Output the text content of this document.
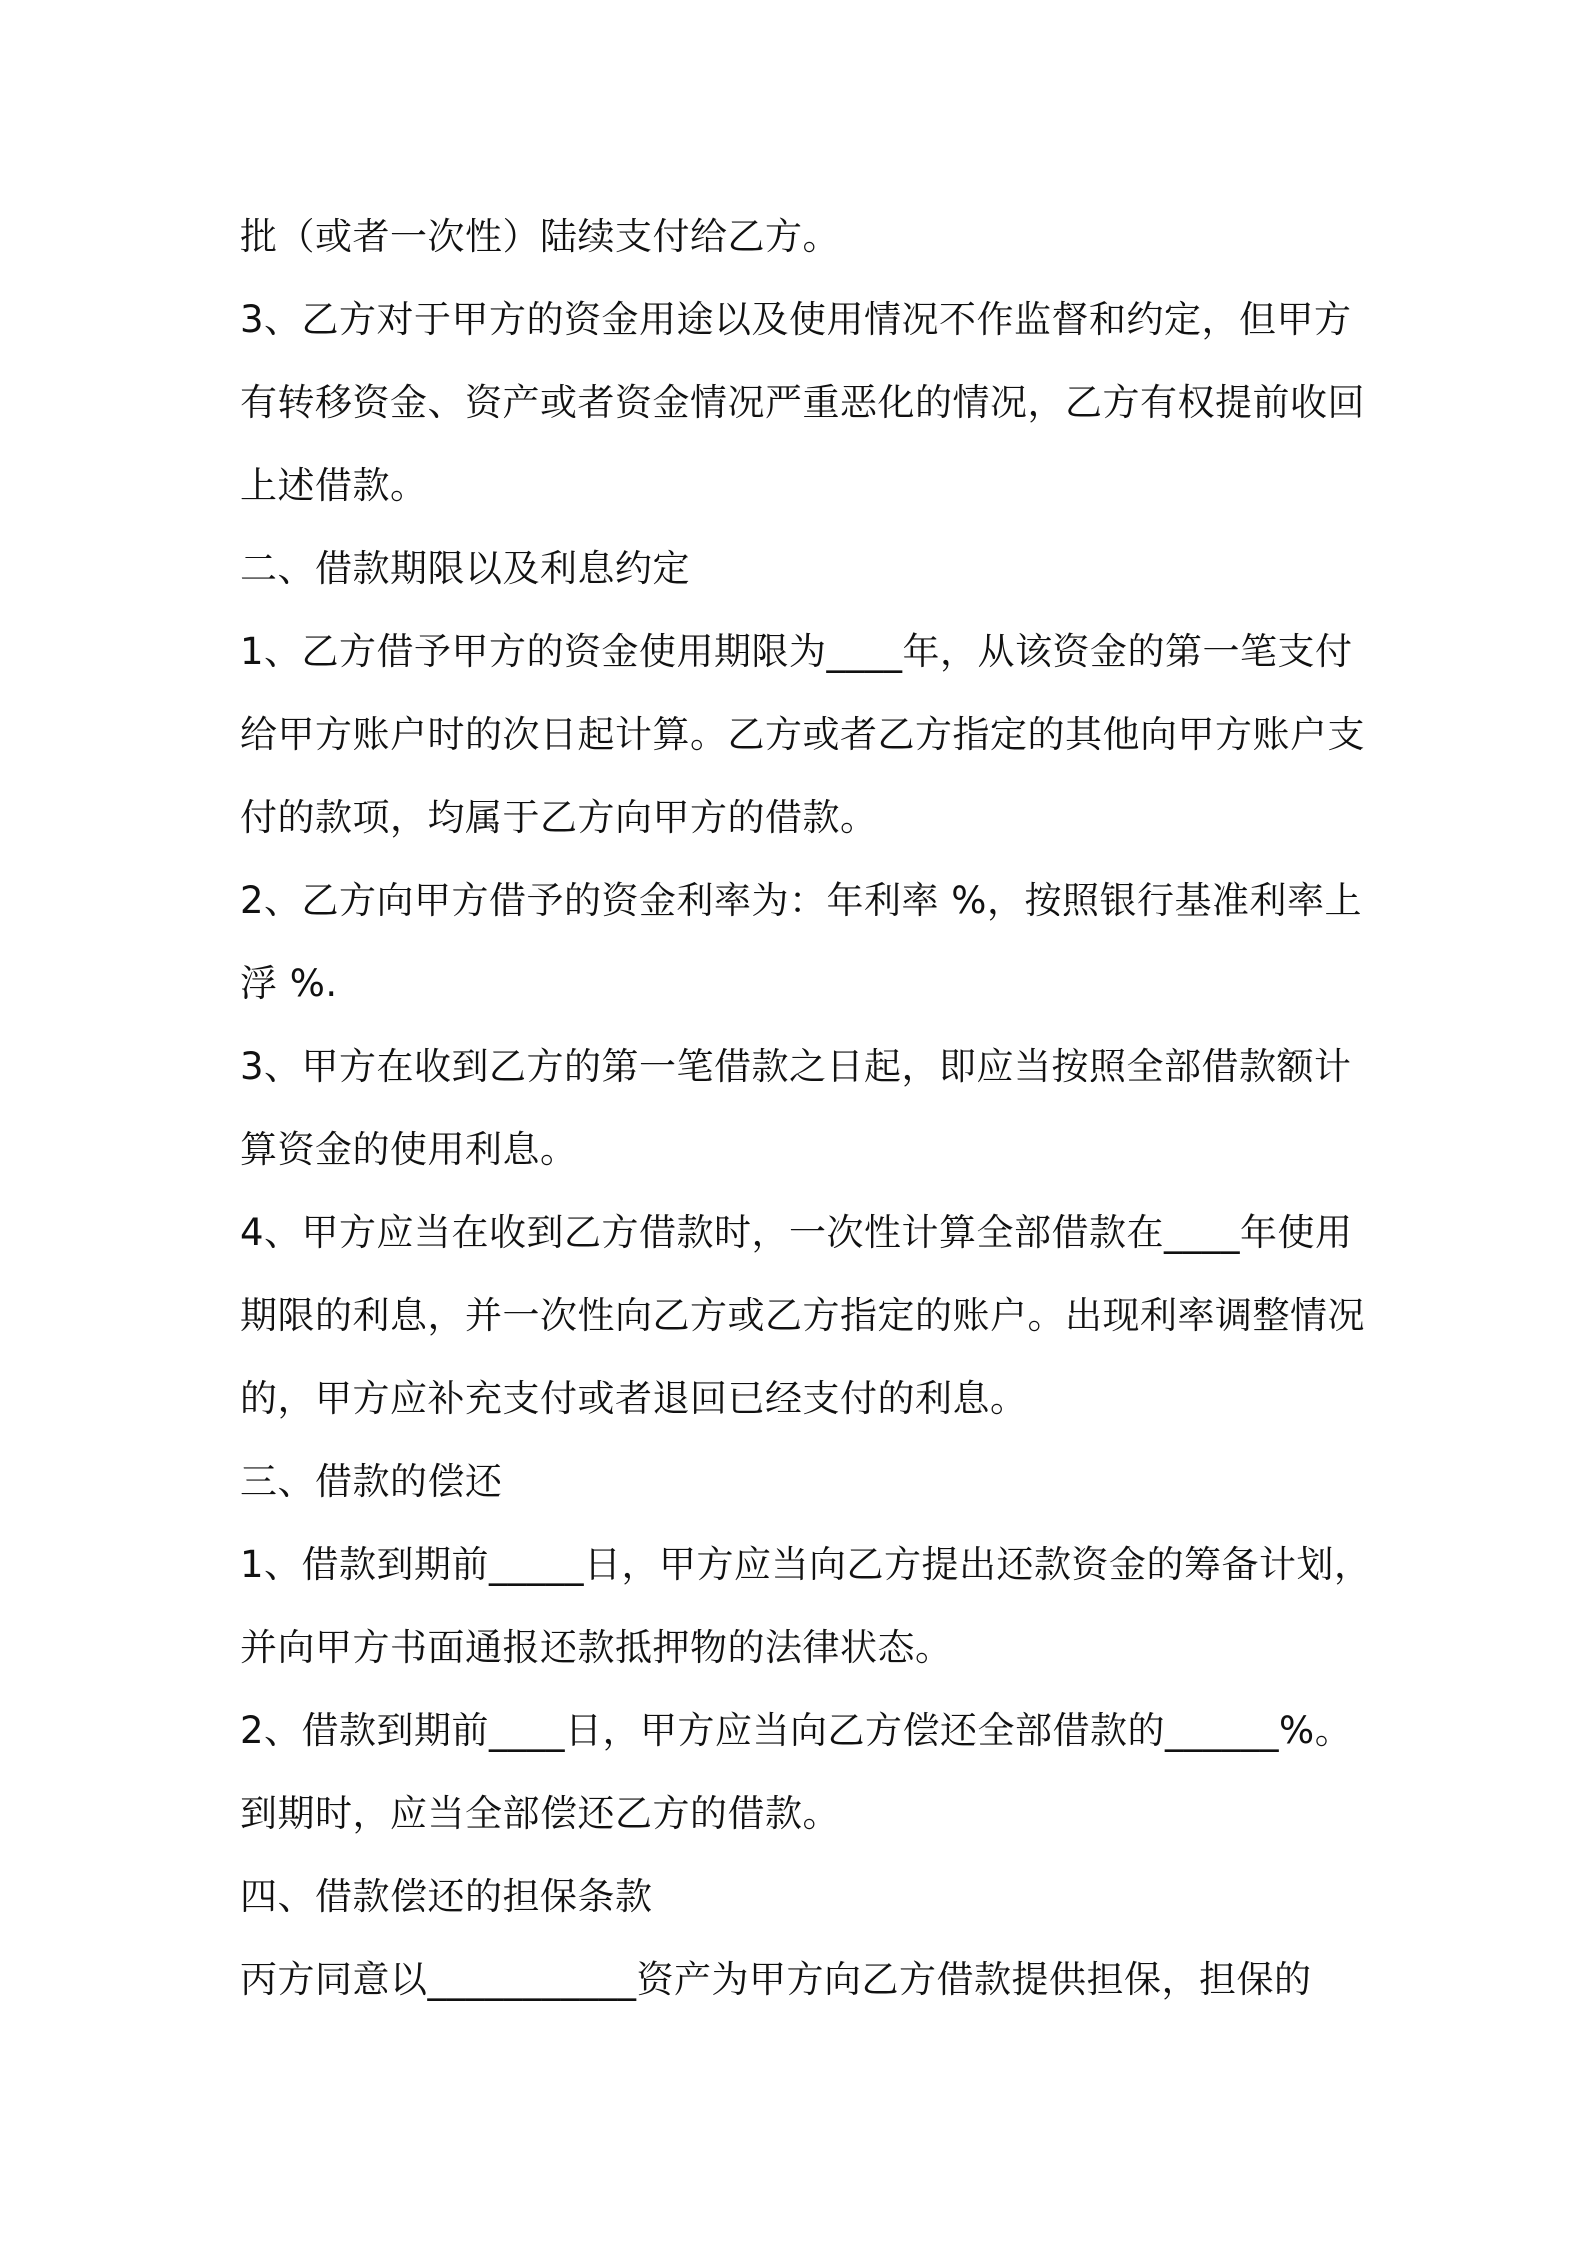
批（或者一次性）陆续支付给乙方。
3、乙方对于甲方的资金用途以及使用情况不作监督和约定，但甲方
有转移资金、资产或者资金情况严重恶化的情况，乙方有权提前收回
上述借款。
二、借款期限以及利息约定
1、乙方借予甲方的资金使用期限为____年，从该资金的第一笔支付
给甲方账户时的次日起计算。乙方或者乙方指定的其他向甲方账户支
付的款项，均属于乙方向甲方的借款。
2、乙方向甲方借予的资金利率为：年利率 %，按照银行基准利率上
浮 %.
3、甲方在收到乙方的第一笔借款之日起，即应当按照全部借款额计
算资金的使用利息。
4、甲方应当在收到乙方借款时，一次性计算全部借款在____年使用
期限的利息，并一次性向乙方或乙方指定的账户。出现利率调整情况
的，甲方应补充支付或者退回已经支付的利息。
三、借款的偿还
1、借款到期前_____日，甲方应当向乙方提出还款资金的筹备计划，
并向甲方书面通报还款抵押物的法律状态。
2、借款到期前____日，甲方应当向乙方偿还全部借款的______%。
到期时，应当全部偿还乙方的借款。
四、借款偿还的担保条款
丙方同意以___________资产为甲方向乙方借款提供担保，担保的
